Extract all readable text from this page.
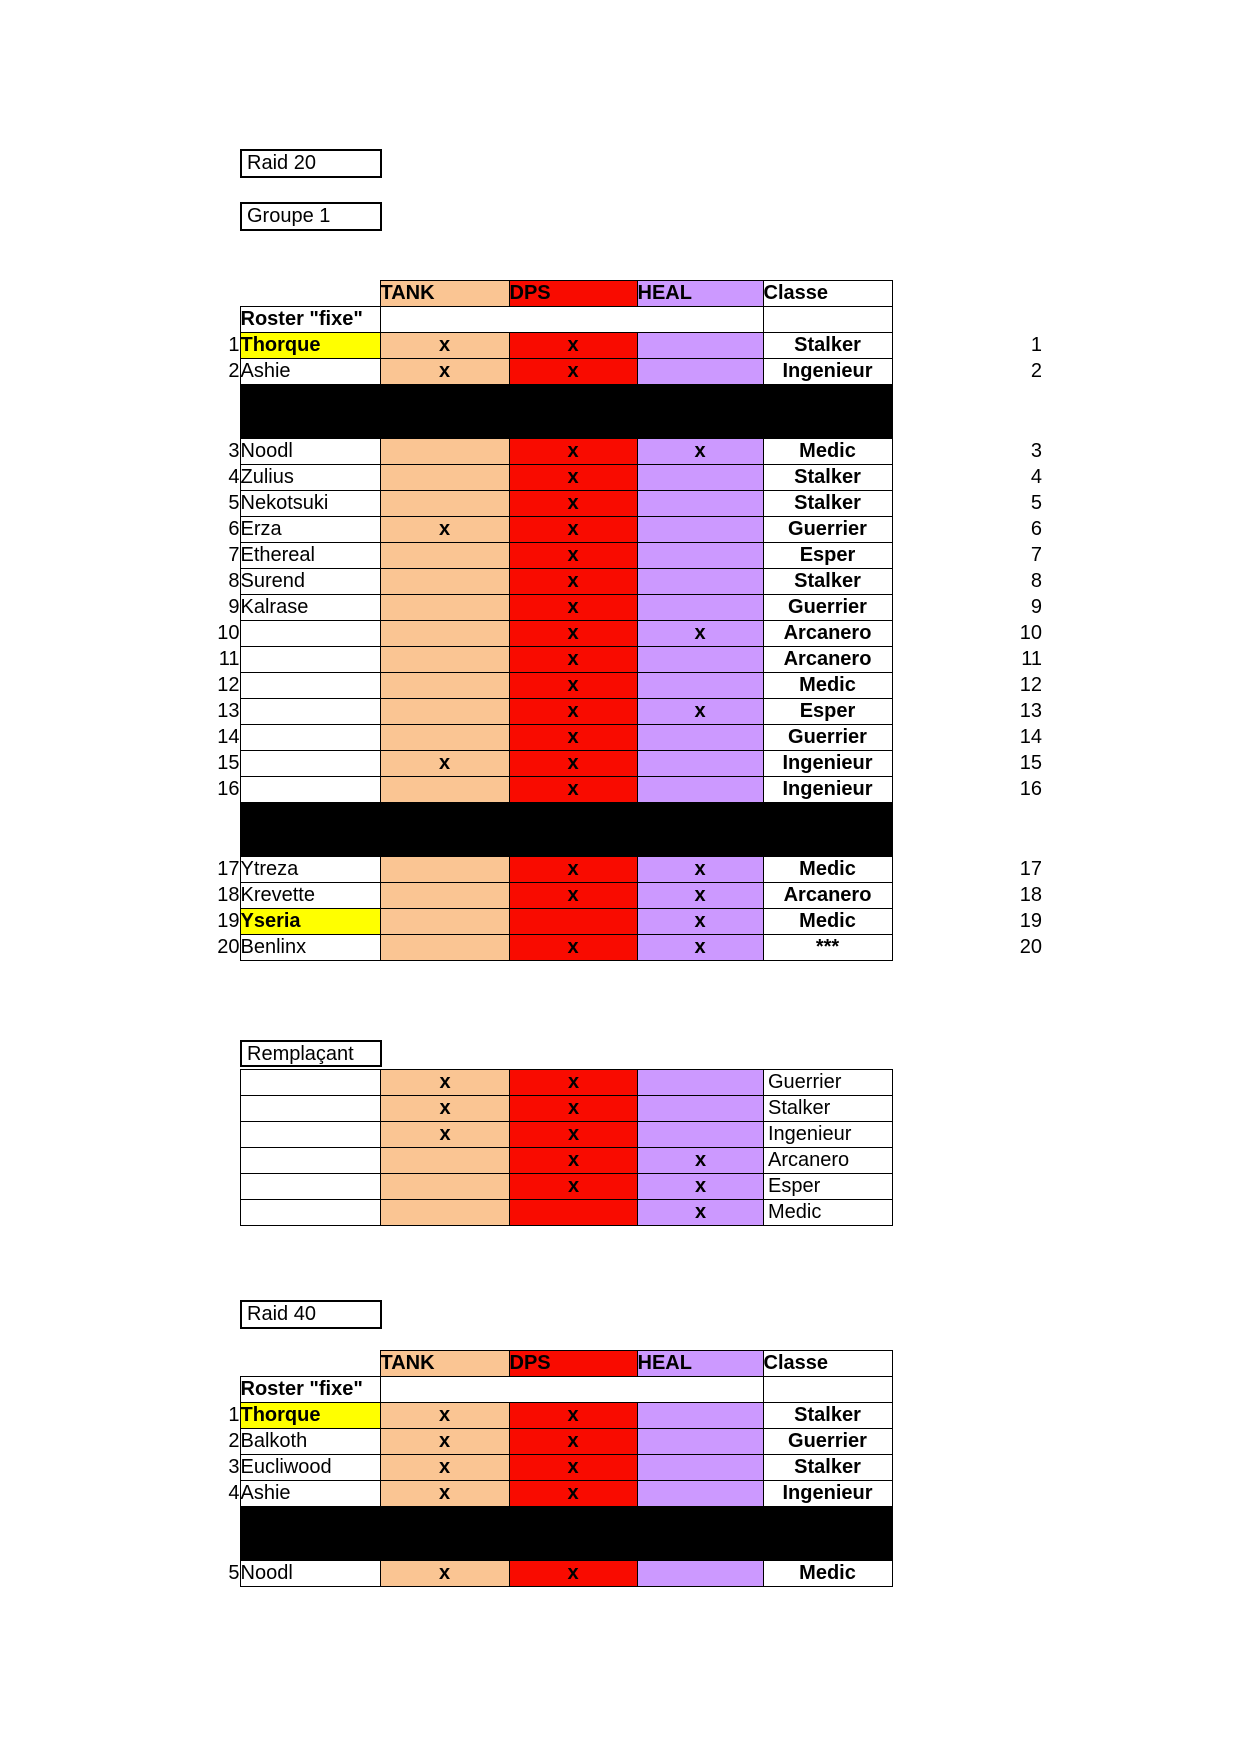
Raid 20
Groupe 1
		TANK	DPS	HEAL	Classe		
	Roster "fixe"						
1	Thorque	x	x		Stalker		1
2	Ashie	x	x		Ingenieur		2

3	Noodl		x	x	Medic		3
4	Zulius		x		Stalker		4
5	Nekotsuki		x		Stalker		5
6	Erza	x	x		Guerrier		6
7	Ethereal		x		Esper		7
8	Surend		x		Stalker		8
9	Kalrase		x		Guerrier		9
10			x	x	Arcanero		10
11			x		Arcanero		11
12			x		Medic		12
13			x	x	Esper		13
14			x		Guerrier		14
15		x	x		Ingenieur		15
16			x		Ingenieur		16

17	Ytreza		x	x	Medic		17
18	Krevette		x	x	Arcanero		18
19	Yseria			x	Medic		19
20	Benlinx		x	x	***		20
Remplaçant
	x	x		Guerrier
	x	x		Stalker
	x	x		Ingenieur
		x	x	Arcanero
		x	x	Esper
			x	Medic
Raid 40
		TANK	DPS	HEAL	Classe
	Roster "fixe"				
1	Thorque	x	x		Stalker
2	Balkoth	x	x		Guerrier
3	Eucliwood	x	x		Stalker
4	Ashie	x	x		Ingenieur

5	Noodl	x	x		Medic
